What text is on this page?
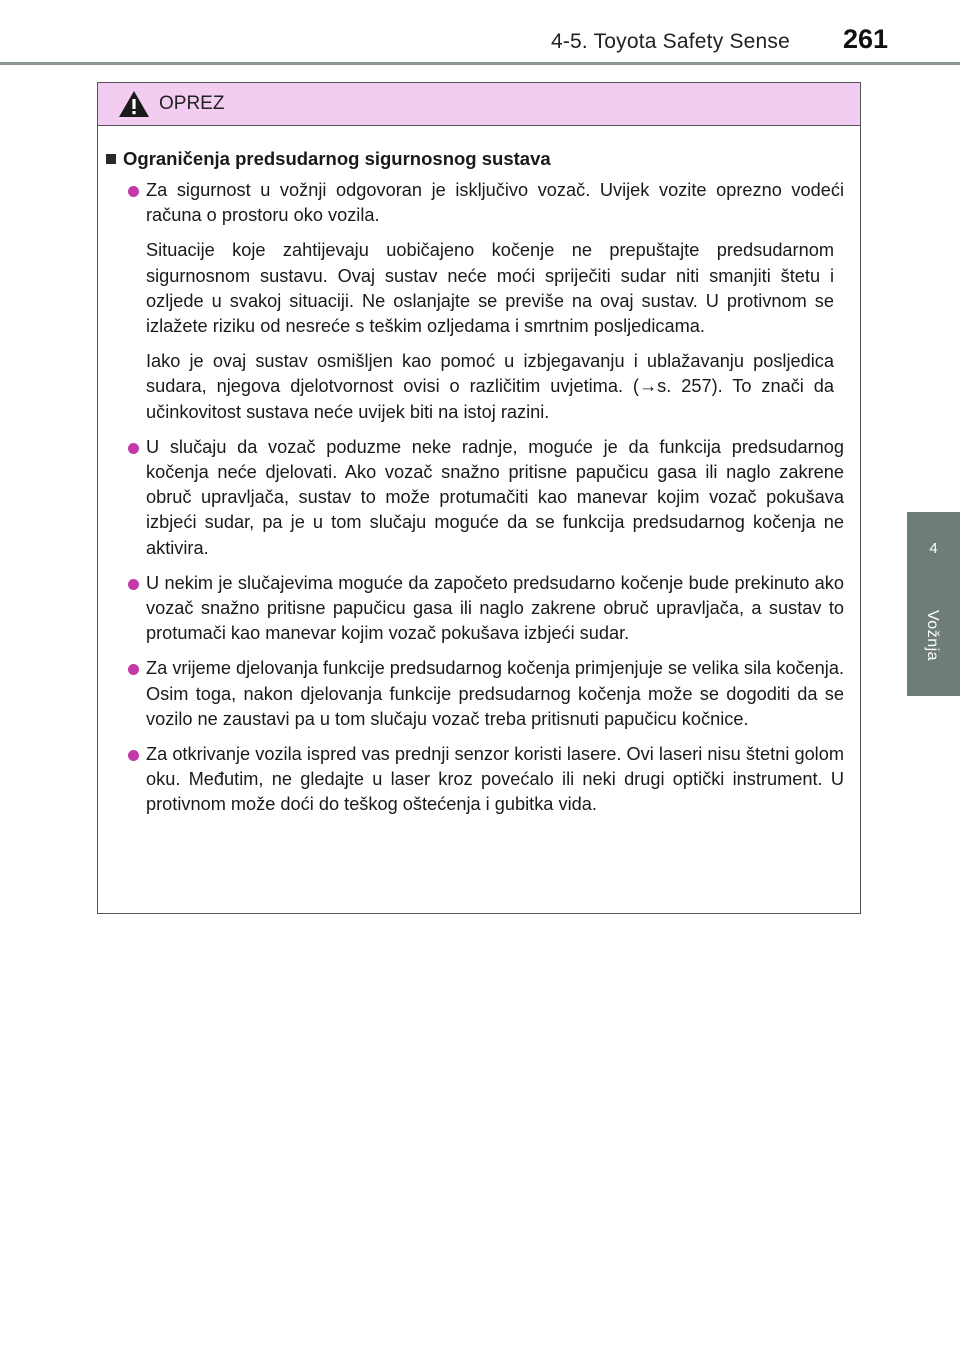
4-5. Toyota Safety Sense 261
4
Vožnja
OPREZ
Ograničenja predsudarnog sigurnosnog sustava

Za sigurnost u vožnji odgovoran je isključivo vozač. Uvijek vozite oprezno vodeći računa o prostoru oko vozila.

Situacije koje zahtijevaju uobičajeno kočenje ne prepuštajte predsudarnom sigurnosnom sustavu. Ovaj sustav neće moći spriječiti sudar niti smanjiti štetu i ozljede u svakoj situaciji. Ne oslanjajte se previše na ovaj sustav. U protivnom se izlažete riziku od nesreće s teškim ozljedama i smrtnim posljedicama.

Iako je ovaj sustav osmišljen kao pomoć u izbjegavanju i ublažavanju posljedica sudara, njegova djelotvornost ovisi o različitim uvjetima. (→s. 257). To znači da učinkovitost sustava neće uvijek biti na istoj razini.

U slučaju da vozač poduzme neke radnje, moguće je da funkcija predsudarnog kočenja neće djelovati. Ako vozač snažno pritisne papučicu gasa ili naglo zakrene obruč upravljača, sustav to može protumačiti kao manevar kojim vozač pokušava izbjeći sudar, pa je u tom slučaju moguće da se funkcija predsudarnog kočenja ne aktivira.

U nekim je slučajevima moguće da započeto predsudarno kočenje bude prekinuto ako vozač snažno pritisne papučicu gasa ili naglo zakrene obruč upravljača, a sustav to protumači kao manevar kojim vozač pokušava izbjeći sudar.

Za vrijeme djelovanja funkcije predsudarnog kočenja primjenjuje se velika sila kočenja. Osim toga, nakon djelovanja funkcije predsudarnog kočenja može se dogoditi da se vozilo ne zaustavi pa u tom slučaju vozač treba pritisnuti papučicu kočnice.

Za otkrivanje vozila ispred vas prednji senzor koristi lasere. Ovi laseri nisu štetni golom oku. Međutim, ne gledajte u laser kroz povećalo ili neki drugi optički instrument. U protivnom može doći do teškog oštećenja i gubitka vida.
